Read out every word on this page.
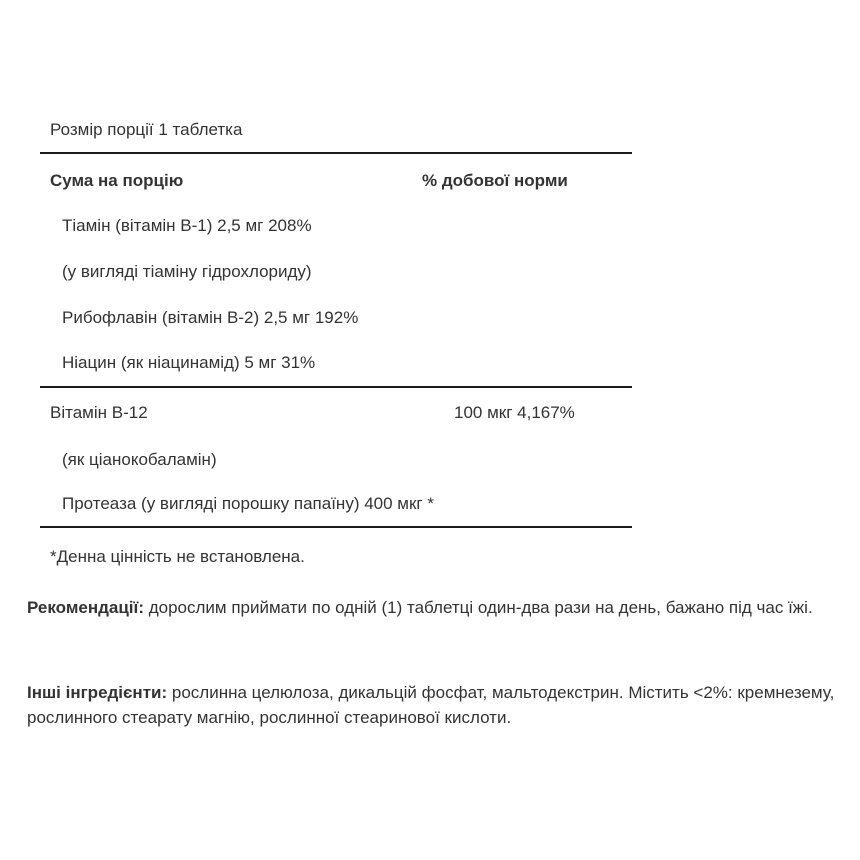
Розмір порції 1 таблетка
Сума на порцію	% добової норми
Тіамін (вітамін B-1) 2,5 мг 208%
(у вигляді тіаміну гідрохлориду)
Рибофлавін (вітамін B-2) 2,5 мг 192%
Ніацин (як ніацинамід) 5 мг 31%
Вітамін B-12	100 мкг 4,167%
(як ціанокобаламін)
Протеаза (у вигляді порошку папаїну) 400 мкг *
*Денна цінність не встановлена.
Рекомендації: дорослим приймати по одній (1) таблетці один-два рази на день, бажано під час їжі.
Інші інгредієнти: рослинна целюлоза, дикальцій фосфат, мальтодекстрин. Містить <2%: кремнезему, рослинного стеарату магнію, рослинної стеаринової кислоти.
